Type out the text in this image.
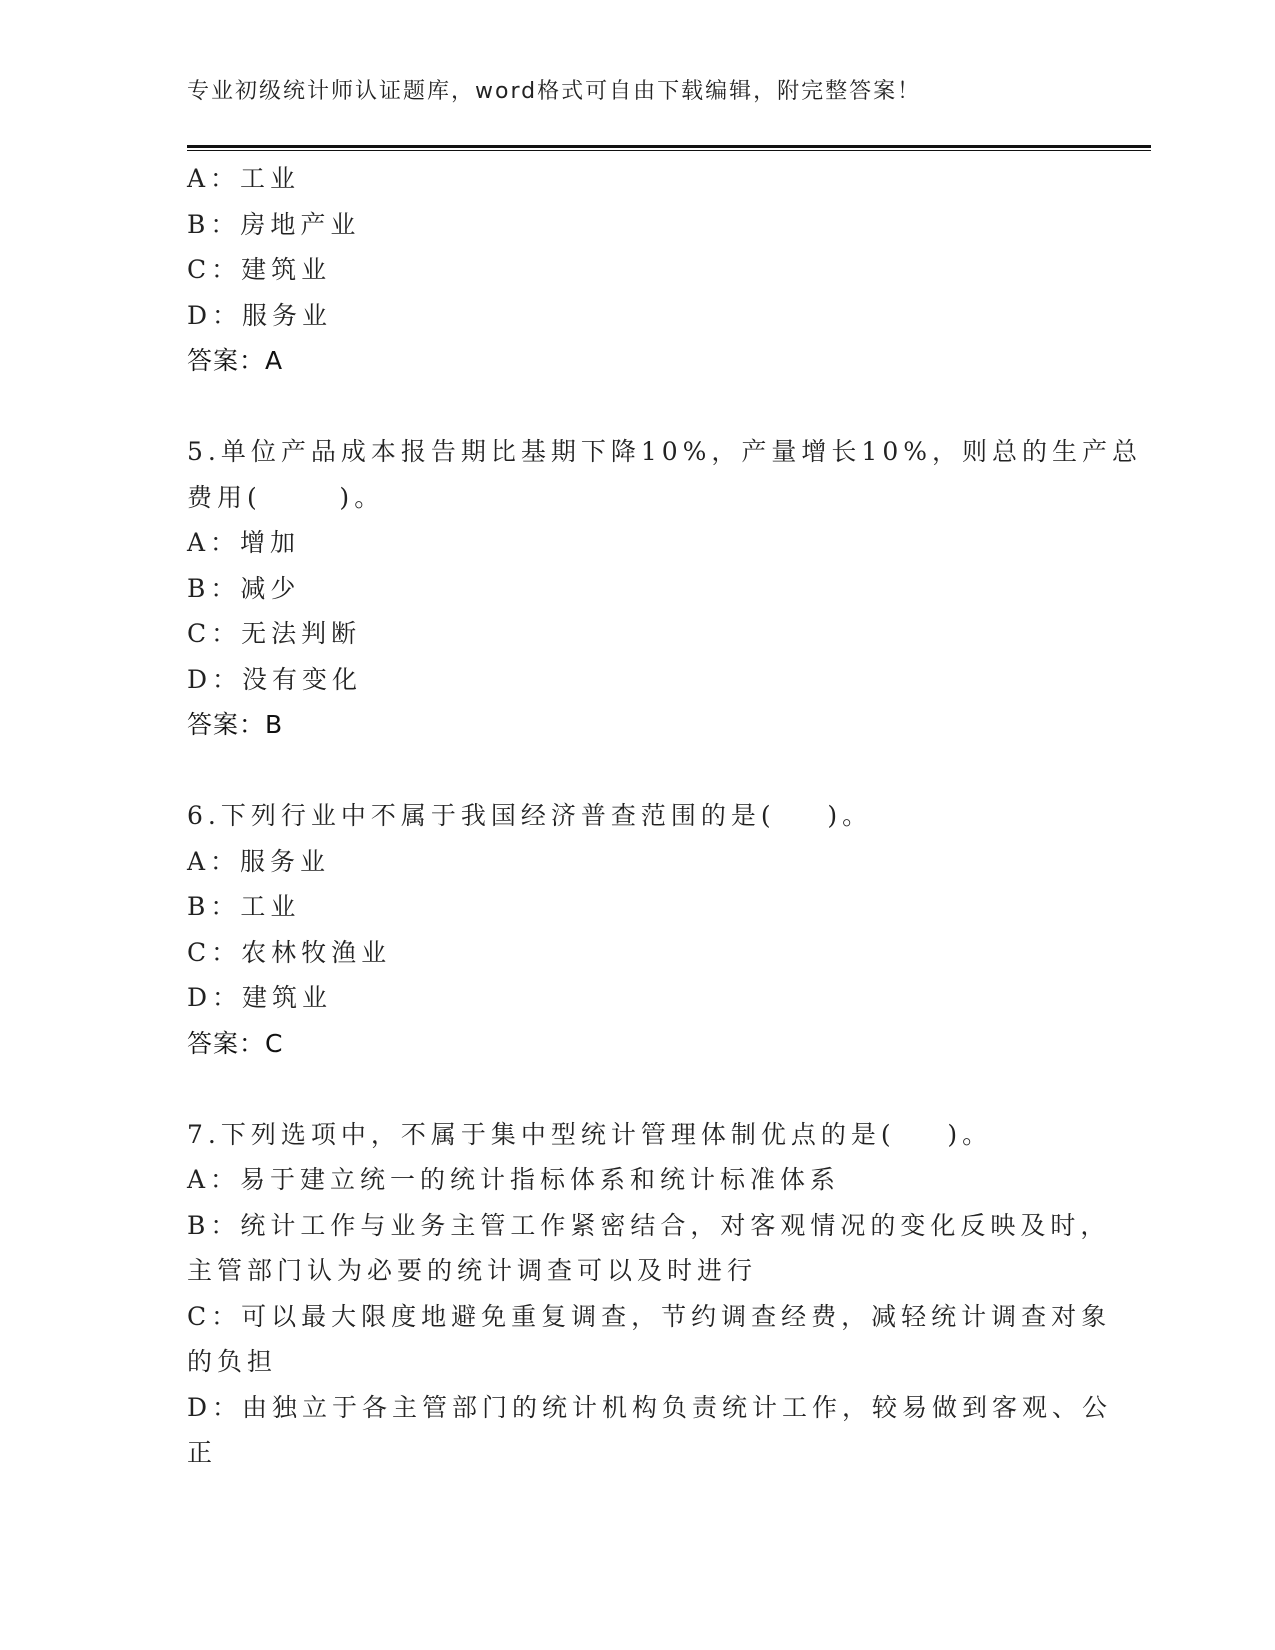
专业初级统计师认证题库，word格式可自由下载编辑，附完整答案！
A：工业
B：房地产业
C：建筑业
D：服务业
答案：A
5.单位产品成本报告期比基期下降10%，产量增长10%，则总的生产总
费用(      )。
A：增加
B：减少
C：无法判断
D：没有变化
答案：B
6.下列行业中不属于我国经济普查范围的是(    )。
A：服务业
B：工业
C：农林牧渔业
D：建筑业
答案：C
7.下列选项中，不属于集中型统计管理体制优点的是(    )。
A：易于建立统一的统计指标体系和统计标准体系
B：统计工作与业务主管工作紧密结合，对客观情况的变化反映及时，
主管部门认为必要的统计调查可以及时进行
C：可以最大限度地避免重复调查，节约调查经费，减轻统计调查对象
的负担
D：由独立于各主管部门的统计机构负责统计工作，较易做到客观、公
正
